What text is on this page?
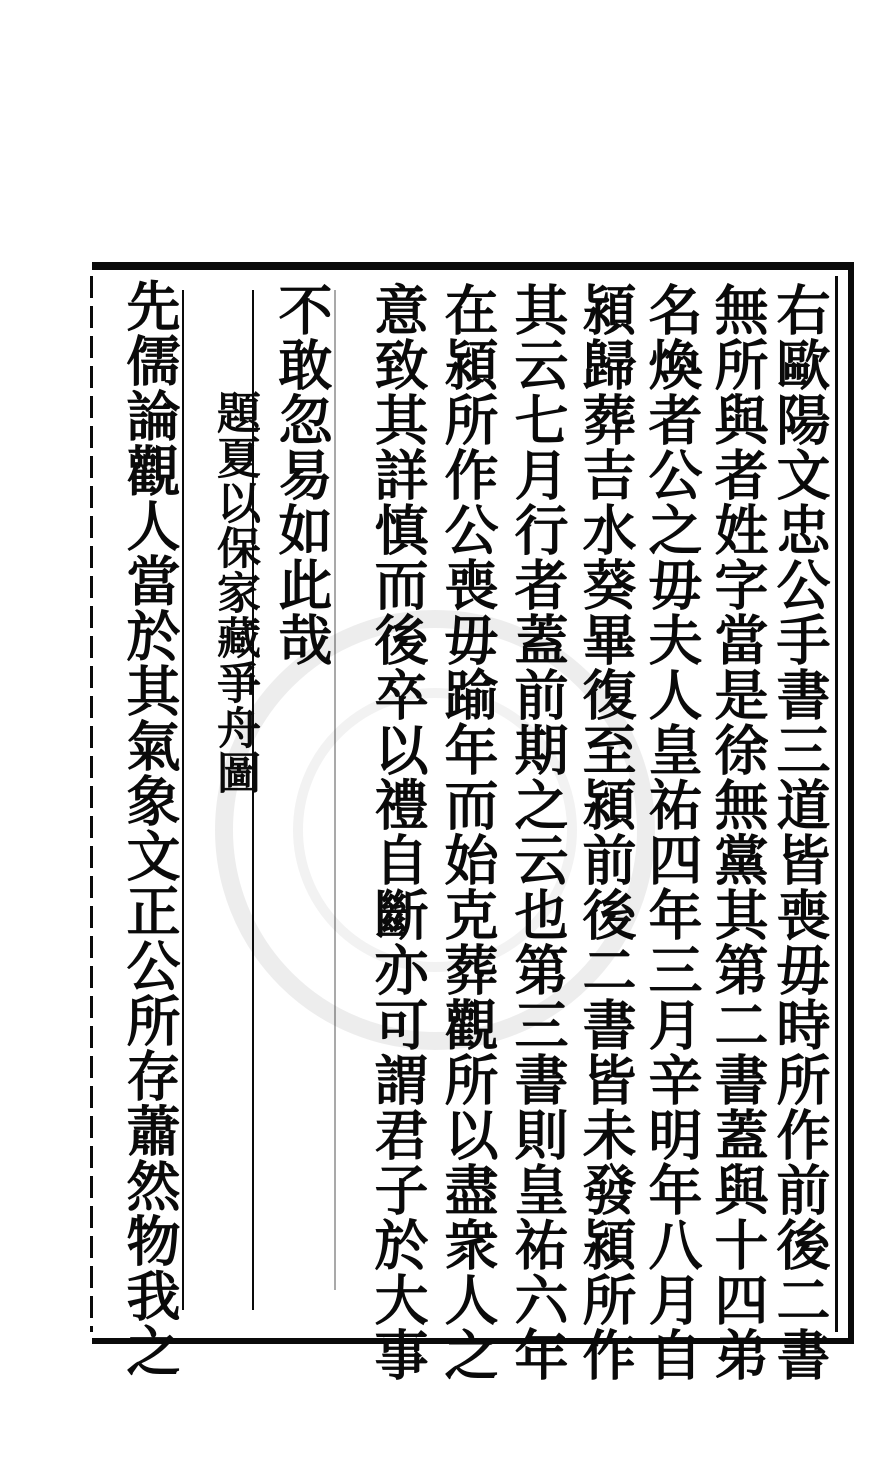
右歐陽文忠公手書三道皆喪毋時所作前後二書
無所與者姓字當是徐無黨其第二書蓋與十四弟
名煥者公之毋夫人皇祐四年三月辛明年八月自
潁歸葬吉水葵畢復至潁前後二書皆未發潁所作
其云七月行者蓋前期之云也第三書則皇祐六年
在潁所作公喪毋踰年而始克葬觀所以盡衆人之
意致其詳慎而後卒以禮自斷亦可謂君子於大事
不敢忽易如此哉
題夏以保家藏爭舟圖
先儒論觀人當於其氣象文正公所存蕭然物我之
